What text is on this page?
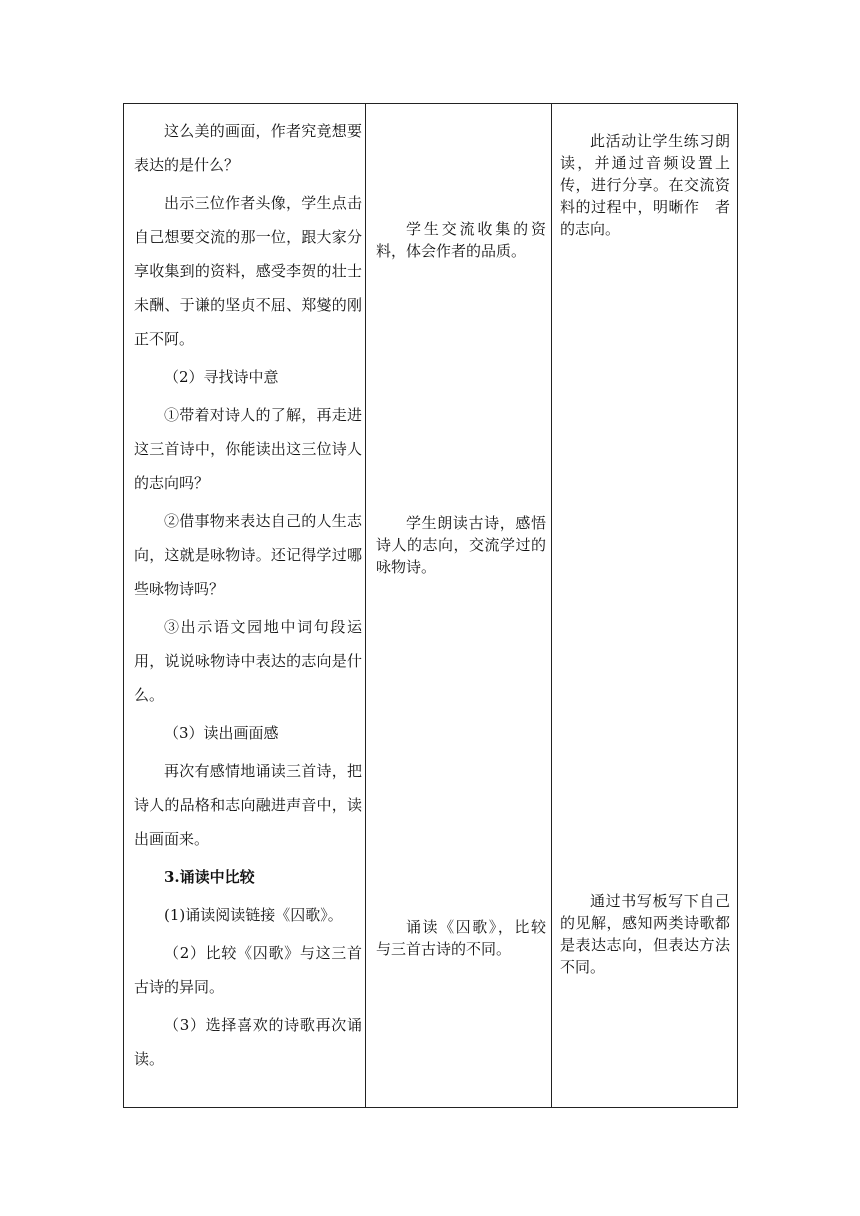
这么美的画面，作者究竟想要表达的是什么？

出示三位作者头像，学生点击自己想要交流的那一位，跟大家分享收集到的资料，感受李贺的壮士未酬、于谦的坚贞不屈、郑燮的刚正不阿。

（2）寻找诗中意

①带着对诗人的了解，再走进这三首诗中，你能读出这三位诗人的志向吗？

②借事物来表达自己的人生志向，这就是咏物诗。还记得学过哪些咏物诗吗？

③出示语文园地中词句段运用，说说咏物诗中表达的志向是什么。

（3）读出画面感

再次有感情地诵读三首诗，把诗人的品格和志向融进声音中，读出画面来。

3.诵读中比较

(1)诵读阅读链接《囚歌》。

（2）比较《囚歌》与这三首古诗的异同。

（3）选择喜欢的诗歌再次诵读。

学生交流收集的资料，体会作者的品质。

学生朗读古诗，感悟诗人的志向，交流学过的咏物诗。

诵读《囚歌》，比较与三首古诗的不同。

此活动让学生练习朗读，并通过音频设置上传，进行分享。在交流资料的过程中，明晰作　者的志向。

通过书写板写下自己的见解，感知两类诗歌都是表达志向，但表达方法不同。
